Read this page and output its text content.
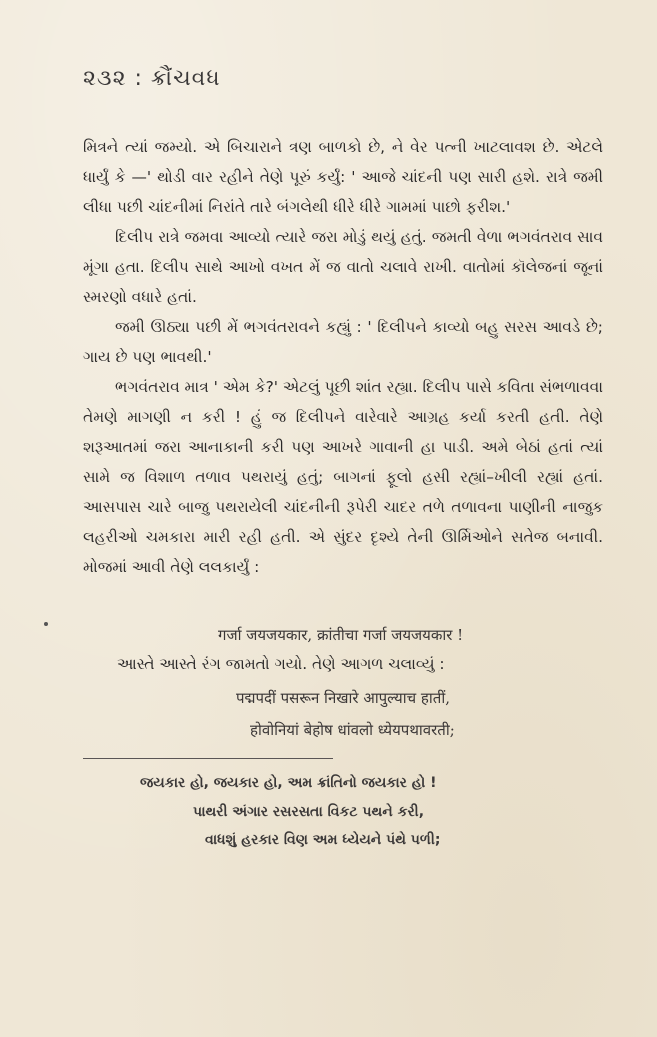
૨૩૨ : ક્રૌંચવધ

મિત્રને ત્યાં જમ્યો. એ બિચારાને ત્રણ બાળકો છે, ને વેર પત્ની ખાટલાવશ છે. એટલે ધાર્યું કે —' થોડી વાર રહીને તેણે પૂરું કર્યું: ' આજે ચાંદની પણ સારી હશે. રાત્રે જમી લીધા પછી ચાંદનીમાં નિરાંતે તારે બંગલેથી ધીરે ધીરે ગામમાં પાછો ફરીશ.'

દિલીપ રાત્રે જમવા આવ્યો ત્યારે જરા મોડું થયું હતું. જમતી વેળા ભગવંતરાવ સાવ મૂંગા હતા. દિલીપ સાથે આખો વખત મેં જ વાતો ચલાવે રાખી. વાતોમાં કૉલેજનાં જૂનાં સ્મરણો વધારે હતાં.

જમી ઊઠ્યા પછી મેં ભગવંતરાવને કહ્યું : ' દિલીપને કાવ્યો બહુ સરસ આવડે છે; ગાય છે પણ ભાવથી.'

ભગવંતરાવ માત્ર ' એમ કે?' એટલું પૂછી શાંત રહ્યા. દિલીપ પાસે કવિતા સંભળાવવા તેમણે માગણી ન કરી ! હું જ દિલીપને વારેવારે આગ્રહ કર્યા કરતી હતી. તેણે શરૂઆતમાં જરા આનાકાની કરી પણ આખરે ગાવાની હા પાડી. અમે બેઠાં હતાં ત્યાં સામે જ વિશાળ તળાવ પથરાયું હતું; બાગનાં ફૂલો હસી રહ્યાં–ખીલી રહ્યાં હતાં. આસપાસ ચારે બાજુ પથરાયેલી ચાંદનીની રૂપેરી ચાદર તળે તળાવના પાણીની નાજુક લહરીઓ ચમકારા મારી રહી હતી. એ સુંદર દૃશ્યે તેની ઊર્મિઓને સતેજ બનાવી. મોજમાં આવી તેણે લલકાર્યું :

गर्जा जयजयकार, क्रांतीचा गर्जा जयजयकार !
આસ્તે આસ્તે રંગ જામતો ગયો. તેણે આગળ ચલાવ્યું :
पद्मपदीं पसरून निखारे आपुल्याच हातीं,
होवोनियां बेहोष धांवलो ध्येयपथावरती;
જયકાર હો, જયકાર હો, અમ ક્રાંતિનો જયકાર હો !
પાથરી અંગાર રસરસતા વિકટ પથને કરી,
વાધશું હરકાર વિણ અમ ધ્યેયને પંથે પળી;
